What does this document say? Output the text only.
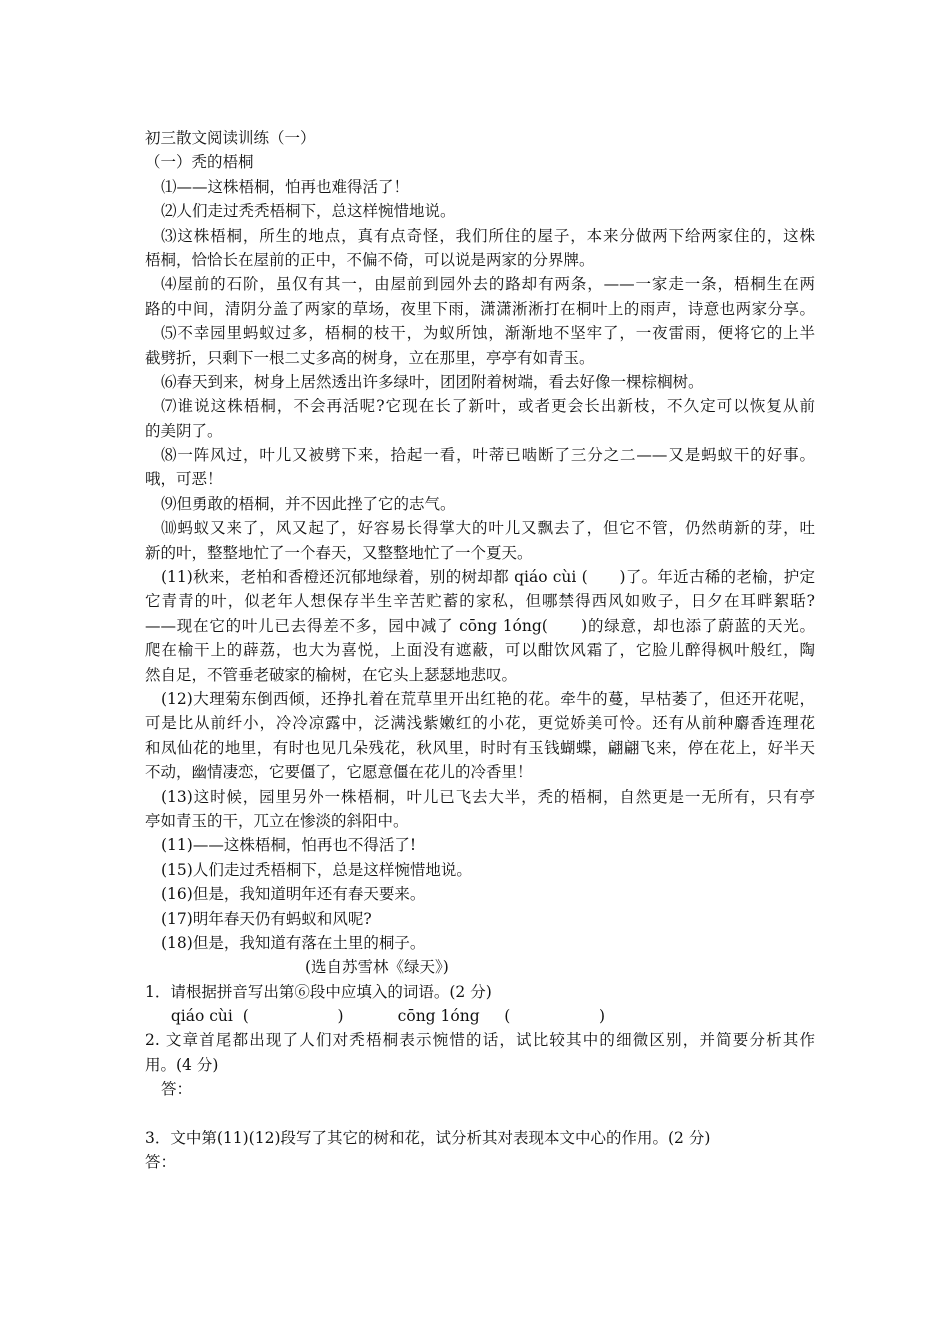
初三散文阅读训练（一）
（一）秃的梧桐
⑴——这株梧桐，怕再也难得活了！
⑵人们走过秃秃梧桐下，总这样惋惜地说。
⑶这株梧桐，所生的地点，真有点奇怪，我们所住的屋子，本来分做两下给两家住的，这株
梧桐，恰恰长在屋前的正中，不偏不倚，可以说是两家的分界牌。
⑷屋前的石阶，虽仅有其一，由屋前到园外去的路却有两条，——一家走一条，梧桐生在两
路的中间，清阴分盖了两家的草场，夜里下雨，潇潇淅淅打在桐叶上的雨声，诗意也两家分享。
⑸不幸园里蚂蚁过多，梧桐的枝干，为蚁所蚀，渐渐地不坚牢了，一夜雷雨，便将它的上半
截劈折，只剩下一根二丈多高的树身，立在那里，亭亭有如青玉。
⑹春天到来，树身上居然透出许多绿叶，团团附着树端，看去好像一棵棕榈树。
⑺谁说这株梧桐，不会再活呢?它现在长了新叶，或者更会长出新枝，不久定可以恢复从前
的美阴了。
⑻一阵风过，叶儿又被劈下来，拾起一看，叶蒂已啮断了三分之二——又是蚂蚁干的好事。
哦，可恶！
⑼但勇敢的梧桐，并不因此挫了它的志气。
⑽蚂蚁又来了，风又起了，好容易长得掌大的叶儿又飘去了，但它不管，仍然萌新的芽，吐
新的叶，整整地忙了一个春天，又整整地忙了一个夏天。
(11)秋来，老柏和香橙还沉郁地绿着，别的树却都 qiáo cùi (　　)了。年近古稀的老榆，护定
它青青的叶，似老年人想保存半生辛苦贮蓄的家私，但哪禁得西风如败子，日夕在耳畔絮聒?
——现在它的叶儿已去得差不多，园中减了 cōng 1óng(　　)的绿意，却也添了蔚蓝的天光。
爬在榆干上的薜荔，也大为喜悦，上面没有遮蔽，可以酣饮风霜了，它脸儿醉得枫叶般红，陶
然自足，不管垂老破家的榆树，在它头上瑟瑟地悲叹。
(12)大理菊东倒西倾，还挣扎着在荒草里开出红艳的花。牵牛的蔓，早枯萎了，但还开花呢，
可是比从前纤小，冷冷凉露中，泛满浅紫嫩红的小花，更觉娇美可怜。还有从前种麝香连理花
和凤仙花的地里，有时也见几朵残花，秋风里，时时有玉钱蝴蝶，翩翩飞来，停在花上，好半天
不动，幽情凄恋，它要僵了，它愿意僵在花儿的冷香里！
(13)这时候，园里另外一株梧桐，叶儿已飞去大半，秃的梧桐，自然更是一无所有，只有亭
亭如青玉的干，兀立在惨淡的斜阳中。
(11)——这株梧桐，怕再也不得活了!
(15)人们走过秃梧桐下，总是这样惋惜地说。
(16)但是，我知道明年还有春天要来。
(17)明年春天仍有蚂蚁和风呢?
(18)但是，我知道有落在土里的桐子。
(选自苏雪林《绿天》)
1．请根据拼音写出第⑥段中应填入的词语。(2 分)
qiáo cùi  (                  )           cōng 1óng     (                  )
2. 文章首尾都出现了人们对秃梧桐表示惋惜的话，试比较其中的细微区别，并简要分析其作
用。(4 分)
答：
3．文中第(11)(12)段写了其它的树和花，试分析其对表现本文中心的作用。(2 分)
答：
